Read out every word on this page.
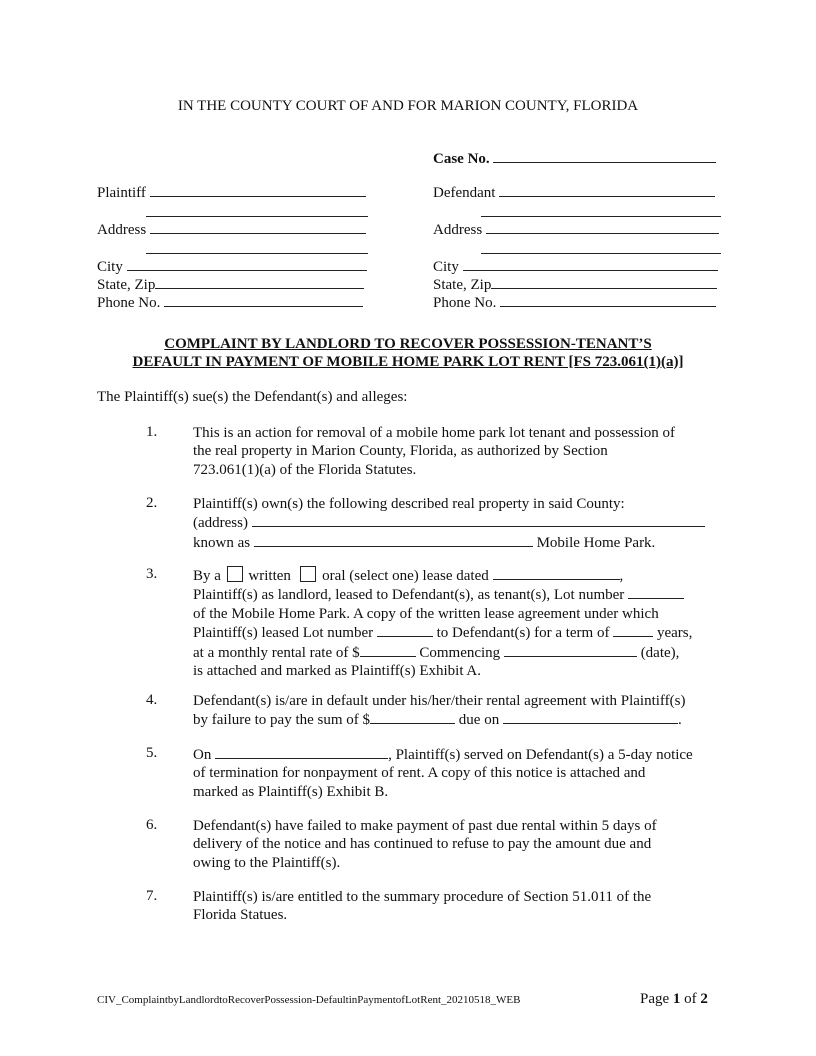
IN THE COUNTY COURT OF AND FOR MARION COUNTY, FLORIDA
Case No.
Plaintiff
Address
City
State, Zip
Phone No.
Defendant
Address
City
State, Zip
Phone No.
COMPLAINT BY LANDLORD TO RECOVER POSSESSION-TENANT’S
DEFAULT IN PAYMENT OF MOBILE HOME PARK LOT RENT [FS 723.061(1)(a)]
The Plaintiff(s) sue(s) the Defendant(s) and alleges:
1. This is an action for removal of a mobile home park lot tenant and possession of
the real property in Marion County, Florida, as authorized by Section
723.061(1)(a) of the Florida Statutes.
2. Plaintiff(s) own(s) the following described real property in said County:
(address)
known as	Mobile Home Park.
3. By a written oral (select one) lease dated	,
Plaintiff(s) as landlord, leased to Defendant(s), as tenant(s), Lot number
of the Mobile Home Park. A copy of the written lease agreement under which
Plaintiff(s) leased Lot number	to Defendant(s) for a term of	years,
at a monthly rental rate of $	Commencing	(date),
is attached and marked as Plaintiff(s) Exhibit A.
4. Defendant(s) is/are in default under his/her/their rental agreement with Plaintiff(s)
by failure to pay the sum of $	due on	.
5. On	, Plaintiff(s) served on Defendant(s) a 5-day notice
of termination for nonpayment of rent. A copy of this notice is attached and
marked as Plaintiff(s) Exhibit B.
6. Defendant(s) have failed to make payment of past due rental within 5 days of
delivery of the notice and has continued to refuse to pay the amount due and
owing to the Plaintiff(s).
7. Plaintiff(s) is/are entitled to the summary procedure of Section 51.011 of the
Florida Statues.
CIV_ComplaintbyLandlordtoRecoverPossession-DefaultinPaymentofLotRent_20210518_WEB	Page 1 of 2
